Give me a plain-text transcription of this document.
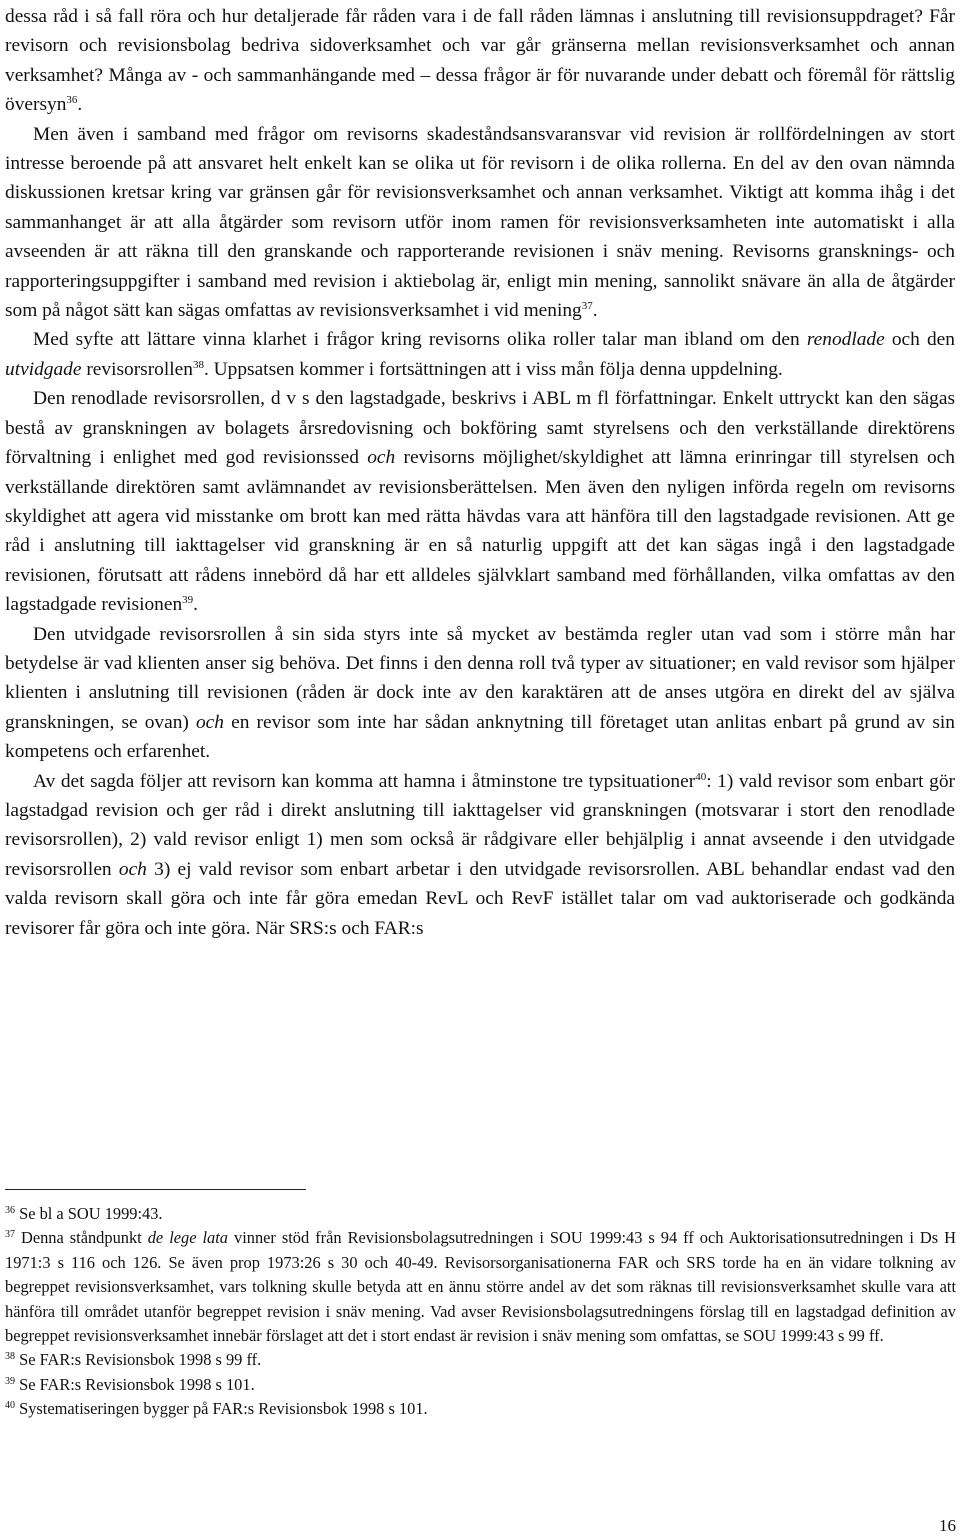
dessa råd i så fall röra och hur detaljerade får råden vara i de fall råden lämnas i anslutning till revisionsuppdraget? Får revisorn och revisionsbolag bedriva sidoverksamhet och var går gränserna mellan revisionsverksamhet och annan verksamhet? Många av - och sammanhängande med – dessa frågor är för nuvarande under debatt och föremål för rättslig översyn$^{36}$.

Men även i samband med frågor om revisorns skadeståndsansvaransvar vid revision är rollfördelningen av stort intresse beroende på att ansvaret helt enkelt kan se olika ut för revisorn i de olika rollerna. En del av den ovan nämnda diskussionen kretsar kring var gränsen går för revisionsverksamhet och annan verksamhet. Viktigt att komma ihåg i det sammanhanget är att alla åtgärder som revisorn utför inom ramen för revisionsverksamheten inte automatiskt i alla avseenden är att räkna till den granskande och rapporterande revisionen i snäv mening. Revisorns gransknings- och rapporteringsuppgifter i samband med revision i aktiebolag är, enligt min mening, sannolikt snävare än alla de åtgärder som på något sätt kan sägas omfattas av revisionsverksamhet i vid mening$^{37}$.

Med syfte att lättare vinna klarhet i frågor kring revisorns olika roller talar man ibland om den renodlade och den utvidgade revisorsrollen$^{38}$. Uppsatsen kommer i fortsättningen att i viss mån följa denna uppdelning.

Den renodlade revisorsrollen, d v s den lagstadgade, beskrivs i ABL m fl författningar. Enkelt uttryckt kan den sägas bestå av granskningen av bolagets årsredovisning och bokföring samt styrelsens och den verkställande direktörens förvaltning i enlighet med god revisionssed och revisorns möjlighet/skyldighet att lämna erinringar till styrelsen och verkställande direktören samt avlämnandet av revisionsberättelsen. Men även den nyligen införda regeln om revisorns skyldighet att agera vid misstanke om brott kan med rätta hävdas vara att hänföra till den lagstadgade revisionen. Att ge råd i anslutning till iakttagelser vid granskning är en så naturlig uppgift att det kan sägas ingå i den lagstadgade revisionen, förutsatt att rådens innebörd då har ett alldeles självklart samband med förhållanden, vilka omfattas av den lagstadgade revisionen$^{39}$.

Den utvidgade revisorsrollen å sin sida styrs inte så mycket av bestämda regler utan vad som i större mån har betydelse är vad klienten anser sig behöva. Det finns i den denna roll två typer av situationer; en vald revisor som hjälper klienten i anslutning till revisionen (råden är dock inte av den karaktären att de anses utgöra en direkt del av själva granskningen, se ovan) och en revisor som inte har sådan anknytning till företaget utan anlitas enbart på grund av sin kompetens och erfarenhet.

Av det sagda följer att revisorn kan komma att hamna i åtminstone tre typsituationer$^{40}$: 1) vald revisor som enbart gör lagstadgad revision och ger råd i direkt anslutning till iakttagelser vid granskningen (motsvarar i stort den renodlade revisorsrollen), 2) vald revisor enligt 1) men som också är rådgivare eller behjälplig i annat avseende i den utvidgade revisorsrollen och 3) ej vald revisor som enbart arbetar i den utvidgade revisorsrollen. ABL behandlar endast vad den valda revisorn skall göra och inte får göra emedan RevL och RevF istället talar om vad auktoriserade och godkända revisorer får göra och inte göra. När SRS:s och FAR:s

$^{36}$ Se bl a SOU 1999:43.

$^{37}$ Denna ståndpunkt de lege lata vinner stöd från Revisionsbolagsutredningen i SOU 1999:43 s 94 ff och Auktorisationsutredningen i Ds H 1971:3 s 116 och 126. Se även prop 1973:26 s 30 och 40-49. Revisorsorganisationerna FAR och SRS torde ha en än vidare tolkning av begreppet revisionsverksamhet, vars tolkning skulle betyda att en ännu större andel av det som räknas till revisionsverksamhet skulle vara att hänföra till området utanför begreppet revision i snäv mening. Vad avser Revisionsbolagsutredningens förslag till en lagstadgad definition av begreppet revisionsverksamhet innebär förslaget att det i stort endast är revision i snäv mening som omfattas, se SOU 1999:43 s 99 ff.

$^{38}$ Se FAR:s Revisionsbok 1998 s 99 ff.

$^{39}$ Se FAR:s Revisionsbok 1998 s 101.

$^{40}$ Systematiseringen bygger på FAR:s Revisionsbok 1998 s 101.

16
